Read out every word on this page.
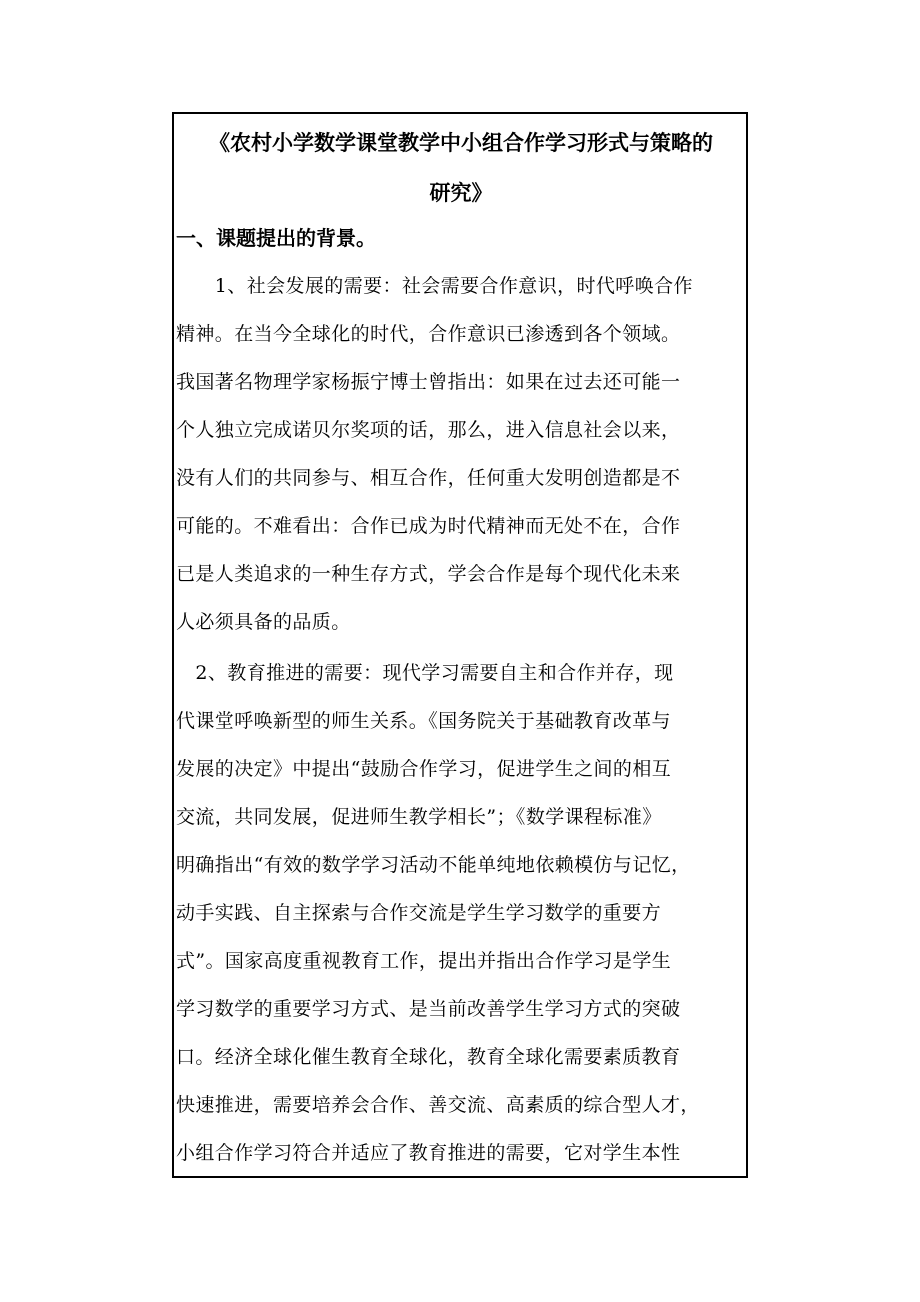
《农村小学数学课堂教学中小组合作学习形式与策略的
研究》
一、课题提出的背景。

　　1、社会发展的需要：社会需要合作意识，时代呼唤合作
精神。在当今全球化的时代，合作意识已渗透到各个领域。
我国著名物理学家杨振宁博士曾指出：如果在过去还可能一
个人独立完成诺贝尔奖项的话，那么，进入信息社会以来，
没有人们的共同参与、相互合作，任何重大发明创造都是不
可能的。不难看出：合作已成为时代精神而无处不在，合作
已是人类追求的一种生存方式，学会合作是每个现代化未来
人必须具备的品质。

　2、教育推进的需要：现代学习需要自主和合作并存，现
代课堂呼唤新型的师生关系。《国务院关于基础教育改革与
发展的决定》中提出“鼓励合作学习，促进学生之间的相互
交流，共同发展，促进师生教学相长”；《数学课程标准》
明确指出“有效的数学学习活动不能单纯地依赖模仿与记忆，
动手实践、自主探索与合作交流是学生学习数学的重要方
式”。国家高度重视教育工作，提出并指出合作学习是学生
学习数学的重要学习方式、是当前改善学生学习方式的突破
口。经济全球化催生教育全球化，教育全球化需要素质教育
快速推进，需要培养会合作、善交流、高素质的综合型人才，
小组合作学习符合并适应了教育推进的需要，它对学生本性
